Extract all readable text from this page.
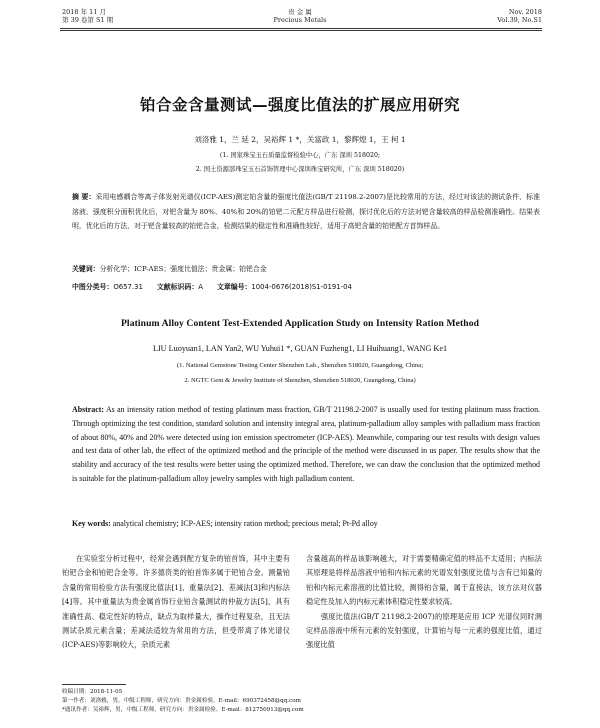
2018 年 11 月
第 39 卷第 S1 期
贵 金 属
Precious Metals
Nov. 2018
Vol.39, No.S1
铂合金含量测试—强度比值法的扩展应用研究
刘洛雅 1，兰 延 2，吴裕辉 1 *，关富政 1，黎辉煌 1，王 柯 1
(1. 国家珠宝玉石质量监督检验中心，广东 深圳 518020;
2. 国土资源部珠宝玉石首饰管理中心深圳珠宝研究所，广东 深圳 518020)
摘 要：采用电感耦合等离子体发射光谱仪(ICP-AES)测定铂含量的强度比值法(GB/T 21198.2-2007)是比较常用的方法，经过对该法的测试条件、标准溶液、强度积分面积优化后，对钯含量为 80%、40%和 20%的铂钯二元配方样品进行检测，探讨优化后的方法对钯含量较高的样品检测准确性。结果表明，优化后的方法，对于钯含量较高的铂钯合金，检测结果的稳定性和准确性较好，适用于高钯含量的铂钯配方首饰样品。
关键词：分析化学；ICP-AES；强度比值法；贵金属；铂钯合金
中图分类号：O657.31 文献标识码：A 文章编号：1004-0676(2018)S1-0191-04
Platinum Alloy Content Test-Extended Application Study on Intensity Ration Method
LIU Luoyuan1, LAN Yan2, WU Yuhui1 *, GUAN Fuzheng1, LI Huihuang1, WANG Ke1
(1. National Gemstone Testing Center Shenzhen Lab., Shenzhen 518020, Guangdong, China;
2. NGTC Gem & Jewelry Institute of Shenzhen, Shenzhen 518020, Guangdong, China)
Abstract: As an intensity ration method of testing platinum mass fraction, GB/T 21198.2-2007 is usually used for testing platinum mass fraction. Through optimizing the test condition, standard solution and intensity integral area, platinum-palladium alloy samples with palladium mass fraction of about 80%, 40% and 20% were detected using ion emission spectrometer (ICP-AES). Meanwhile, comparing our test results with design values and test data of other lab, the effect of the optimized method and the principle of the method were discussed in us paper. The results show that the stability and accuracy of the test results were better using the optimized method. Therefore, we can draw the conclusion that the optimized method is suitable for the platinum-palladium alloy jewelry samples with high palladium content.
Key words: analytical chemistry; ICP-AES; intensity ration method; precious metal; Pt-Pd alloy
在实验室分析过程中，经常会遇到配方复杂的铂首饰，其中主要有铂钯合金和铂钯合金等。许多德资类的铂首饰多属于钯铂合金。测量铂含量的常用检验方法有强度比值法[1]、重量法[2]、差减法[3]和内标法[4]等。其中重量法为贵金属首饰行业铂含量测试的仲裁方法[5]，具有准确性高、稳定性好的特点，缺点为取样量大，操作过程复杂，且无法测试杂质元素含量；差减法适较为常用的方法，但受带离了体光谱仪(ICP-AES)等影响较大，杂质元素
含量越高的样品该影响越大，对于需要精确定值的样品不太适用；内标法其原理是将样品溶液中铂和内标元素的光谱发射强度比值与含有已知量的铂和内标元素溶液的比值比较，测得铂含量，属于直接法，该方法对仪器稳定性及加入的内标元素体积稳定性要求较高。
　　强度比值法(GB/T 21198.2-2007)的原理是应用 ICP 光谱仪同时测定样品溶液中所有元素的发射强度，计算铂与每一元素的强度比值，通过强度比值
收稿日期：2018-11-05
第一作者：刘洛雅，男，中级工程师，研究方向：贵金属检验。E-mail：690372458@qq.com
*通讯作者：吴裕辉，男，中级工程师，研究方向：贵金属检验。E-mail：812750913@qq.com
